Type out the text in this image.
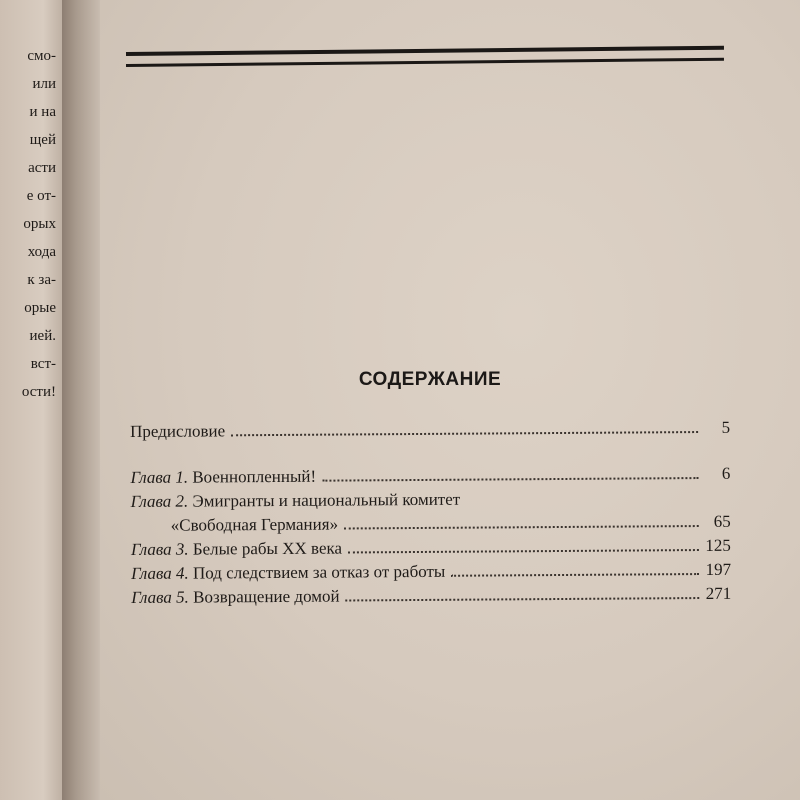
смо-
или
и на
щей
асти
е от-
орых
хода
к за-
орые
ией.
вст-
ости!
СОДЕРЖАНИЕ
Предисловие	5
Глава 1. Военнопленный!	6
Глава 2. Эмигранты и национальный комитет
«Свободная Германия»	65
Глава 3. Белые рабы XX века	125
Глава 4. Под следствием за отказ от работы	197
Глава 5. Возвращение домой	271
